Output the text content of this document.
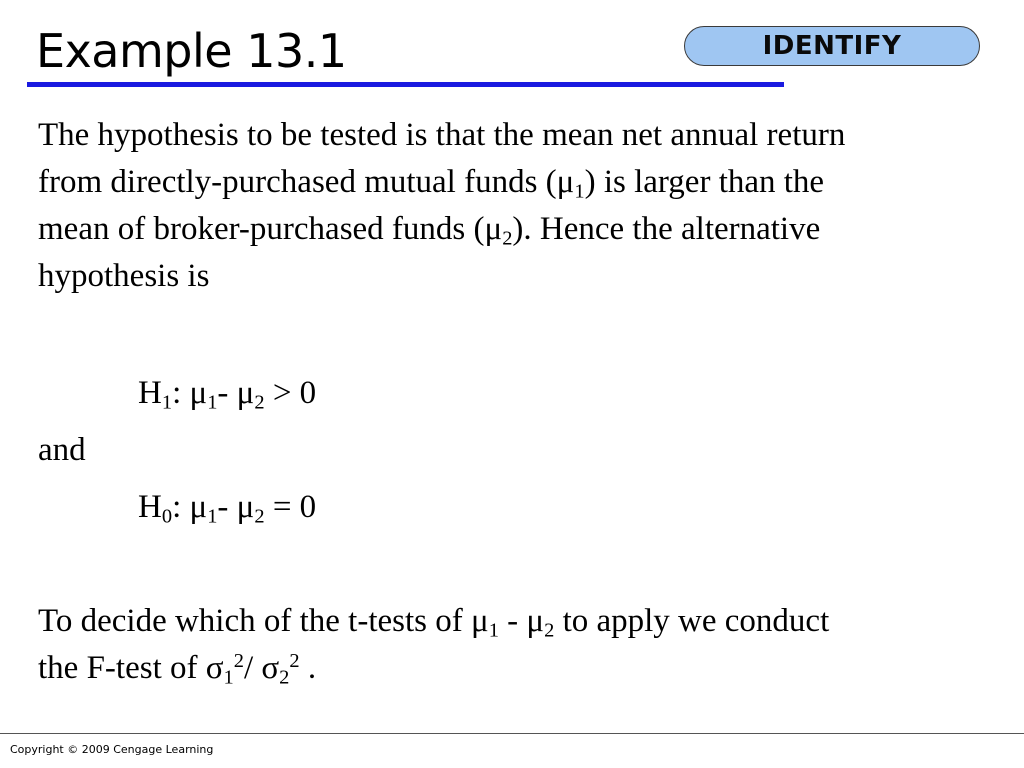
Example 13.1	IDENTIFY
The hypothesis to be tested is that the mean net annual return
from directly-purchased mutual funds $(\mu_1)$ is larger than the
mean of broker-purchased funds $(\mu_2)$. Hence the alternative
hypothesis is
$H_1$: $\mu_1-$ $\mu_2 > 0$
and
$H_0$: $\mu_1-$ $\mu_2 = 0$
To decide which of the t-tests of $\mu_1 - \mu_2$ to apply we conduct
the F-test of $\sigma_1^2/$ $\sigma_2^2$ .
Copyright © 2009 Cengage Learning
